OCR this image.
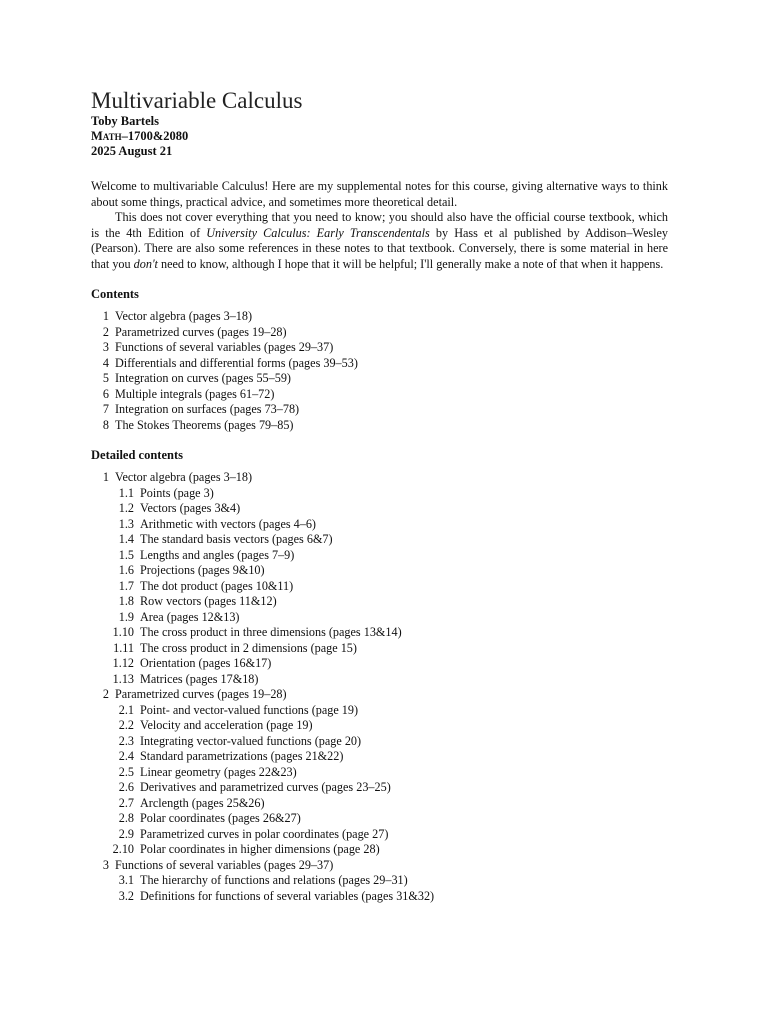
Multivariable Calculus
Toby Bartels
Math–1700&2080
2025 August 21

Welcome to multivariable Calculus! Here are my supplemental notes for this course, giving alternative ways to think about some things, practical advice, and sometimes more theoretical detail.

This does not cover everything that you need to know; you should also have the official course textbook, which is the 4th Edition of University Calculus: Early Transcendentals by Hass et al published by Addison–Wesley (Pearson). There are also some references in these notes to that textbook. Conversely, there is some material in here that you don't need to know, although I hope that it will be helpful; I'll generally make a note of that when it happens.

Contents
1 Vector algebra (pages 3–18)
2 Parametrized curves (pages 19–28)
3 Functions of several variables (pages 29–37)
4 Differentials and differential forms (pages 39–53)
5 Integration on curves (pages 55–59)
6 Multiple integrals (pages 61–72)
7 Integration on surfaces (pages 73–78)
8 The Stokes Theorems (pages 79–85)
Detailed contents
1 Vector algebra (pages 3–18)
1.1 Points (page 3)
1.2 Vectors (pages 3&4)
1.3 Arithmetic with vectors (pages 4–6)
1.4 The standard basis vectors (pages 6&7)
1.5 Lengths and angles (pages 7–9)
1.6 Projections (pages 9&10)
1.7 The dot product (pages 10&11)
1.8 Row vectors (pages 11&12)
1.9 Area (pages 12&13)
1.10 The cross product in three dimensions (pages 13&14)
1.11 The cross product in 2 dimensions (page 15)
1.12 Orientation (pages 16&17)
1.13 Matrices (pages 17&18)
2 Parametrized curves (pages 19–28)
2.1 Point- and vector-valued functions (page 19)
2.2 Velocity and acceleration (page 19)
2.3 Integrating vector-valued functions (page 20)
2.4 Standard parametrizations (pages 21&22)
2.5 Linear geometry (pages 22&23)
2.6 Derivatives and parametrized curves (pages 23–25)
2.7 Arclength (pages 25&26)
2.8 Polar coordinates (pages 26&27)
2.9 Parametrized curves in polar coordinates (page 27)
2.10 Polar coordinates in higher dimensions (page 28)
3 Functions of several variables (pages 29–37)
3.1 The hierarchy of functions and relations (pages 29–31)
3.2 Definitions for functions of several variables (pages 31&32)
